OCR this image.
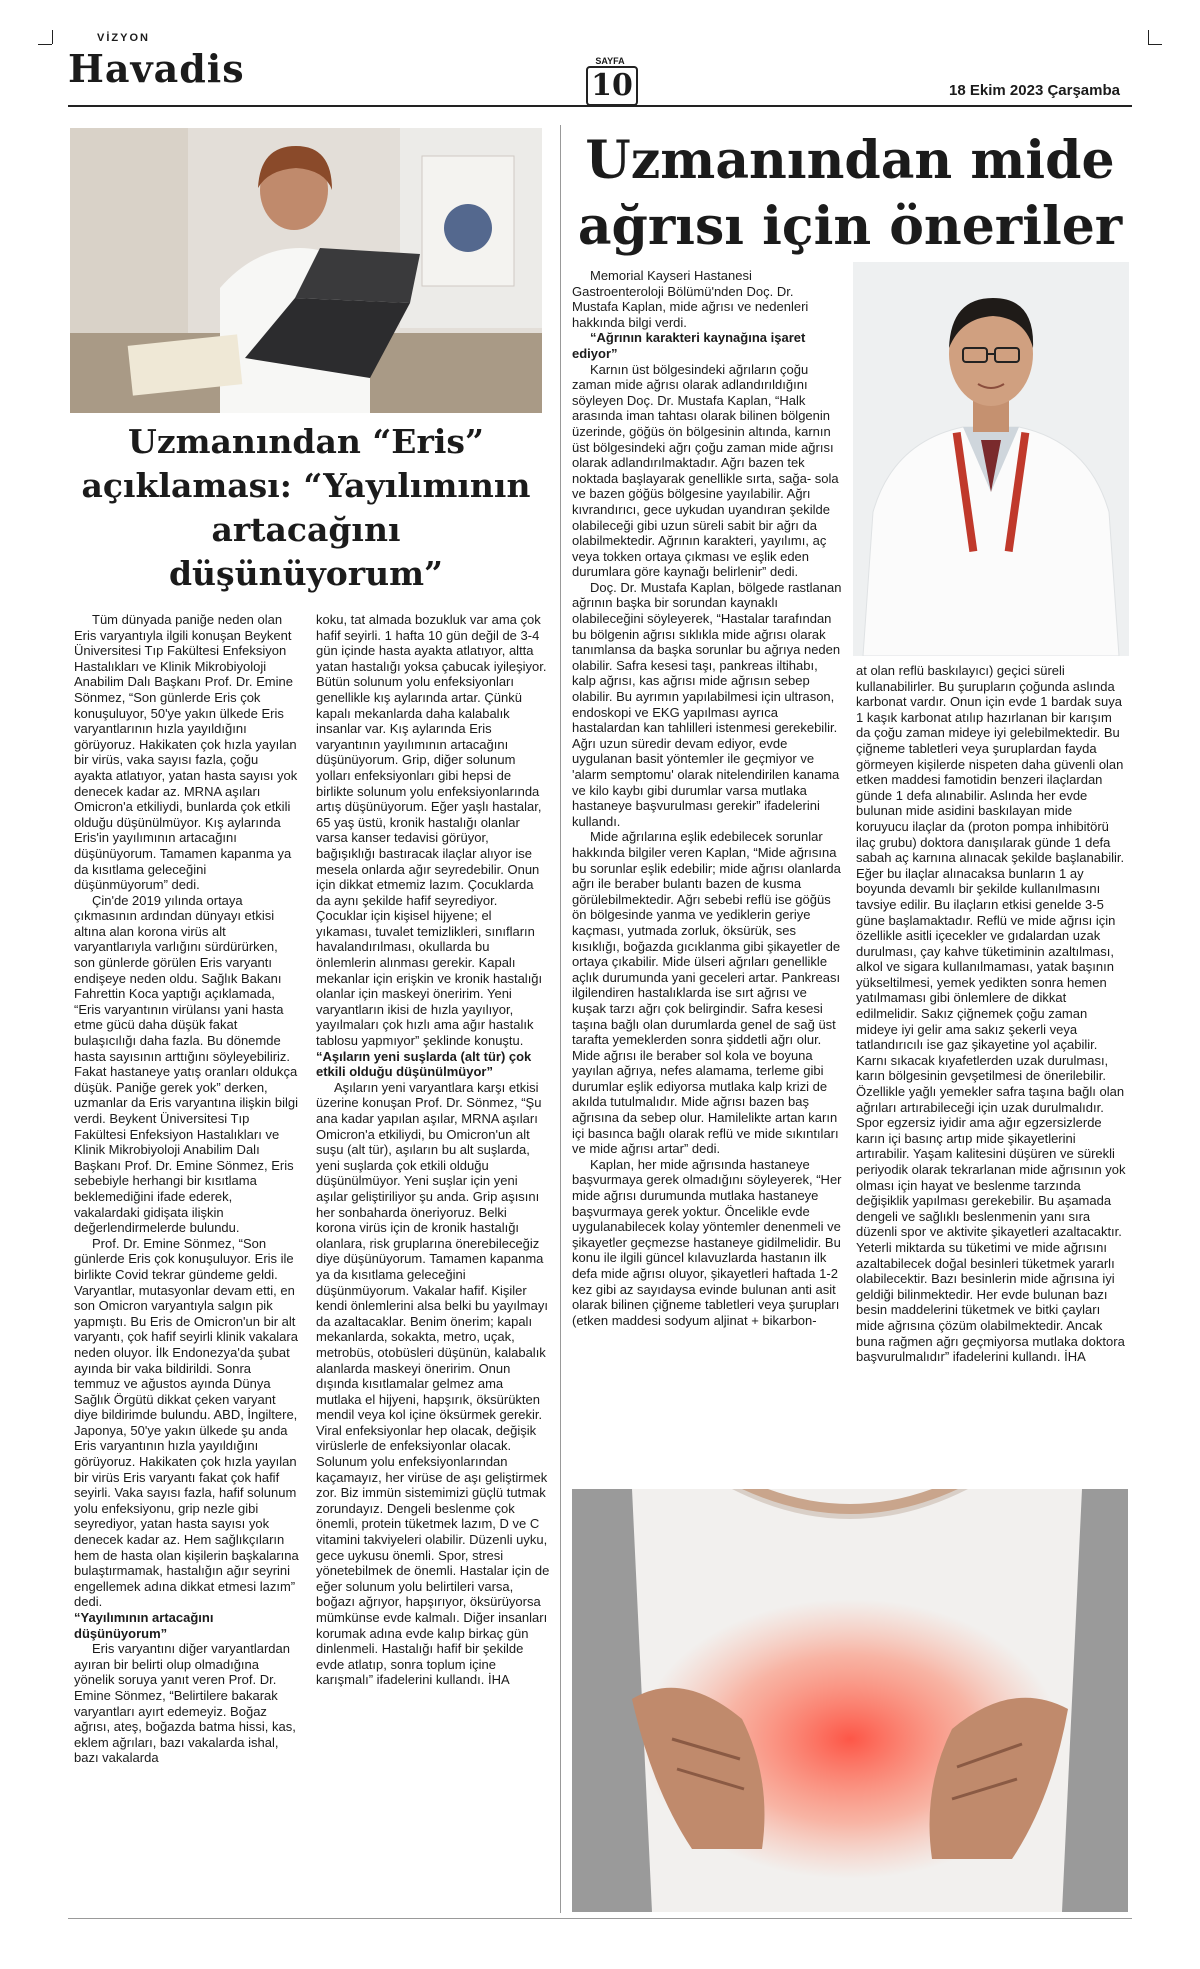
VİZYON
Havadis	SAYFA
10	18 Ekim 2023 Çarşamba
Uzmanından “Eris” açıklaması: “Yayılımının artacağını düşünüyorum”

Tüm dünyada paniğe neden olan Eris varyantıyla ilgili konuşan Beykent Üniversitesi Tıp Fakültesi Enfeksiyon Hastalıkları ve Klinik Mikrobiyoloji Anabilim Dalı Başkanı Prof. Dr. Emine Sönmez, “Son günlerde Eris çok konuşuluyor, 50'ye yakın ülkede Eris varyantlarının hızla yayıldığını görüyoruz. Hakikaten çok hızla yayılan bir virüs, vaka sayısı fazla, çoğu ayakta atlatıyor, yatan hasta sayısı yok denecek kadar az. MRNA aşıları Omicron'a etkiliydi, bunlarda çok etkili olduğu düşünülmüyor. Kış aylarında Eris'in yayılımının artacağını düşünüyorum. Tamamen kapanma ya da kısıtlama geleceğini düşünmüyorum” dedi.

Çin'de 2019 yılında ortaya çıkmasının ardından dünyayı etkisi altına alan korona virüs alt varyantlarıyla varlığını sürdürürken, son günlerde görülen Eris varyantı endişeye neden oldu. Sağlık Bakanı Fahrettin Koca yaptığı açıklamada, “Eris varyantının virülansı yani hasta etme gücü daha düşük fakat bulaşıcılığı daha fazla. Bu dönemde hasta sayısının arttığını söyleyebiliriz. Fakat hastaneye yatış oranları oldukça düşük. Paniğe gerek yok” derken, uzmanlar da Eris varyantına ilişkin bilgi verdi. Beykent Üniversitesi Tıp Fakültesi Enfeksiyon Hastalıkları ve Klinik Mikrobiyoloji Anabilim Dalı Başkanı Prof. Dr. Emine Sönmez, Eris sebebiyle herhangi bir kısıtlama beklemediğini ifade ederek, vakalardaki gidişata ilişkin değerlendirmelerde bulundu.

Prof. Dr. Emine Sönmez, “Son günlerde Eris çok konuşuluyor. Eris ile birlikte Covid tekrar gündeme geldi. Varyantlar, mutasyonlar devam etti, en son Omicron varyantıyla salgın pik yapmıştı. Bu Eris de Omicron'un bir alt varyantı, çok hafif seyirli klinik vakalara neden oluyor. İlk Endonezya'da şubat ayında bir vaka bildirildi. Sonra temmuz ve ağustos ayında Dünya Sağlık Örgütü dikkat çeken varyant diye bildirimde bulundu. ABD, İngiltere, Japonya, 50'ye yakın ülkede şu anda Eris varyantının hızla yayıldığını görüyoruz. Hakikaten çok hızla yayılan bir virüs Eris varyantı fakat çok hafif seyirli. Vaka sayısı fazla, hafif solunum yolu enfeksiyonu, grip nezle gibi seyrediyor, yatan hasta sayısı yok denecek kadar az. Hem sağlıkçıların hem de hasta olan kişilerin başkalarına bulaştırmamak, hastalığın ağır seyrini engellemek adına dikkat etmesi lazım” dedi.

“Yayılımının artacağını düşünüyorum”

Eris varyantını diğer varyantlardan ayıran bir belirti olup olmadığına yönelik soruya yanıt veren Prof. Dr. Emine Sönmez, “Belirtilere bakarak varyantları ayırt edemeyiz. Boğaz ağrısı, ateş, boğazda batma hissi, kas, eklem ağrıları, bazı vakalarda ishal, bazı vakalarda

koku, tat almada bozukluk var ama çok hafif seyirli. 1 hafta 10 gün değil de 3-4 gün içinde hasta ayakta atlatıyor, altta yatan hastalığı yoksa çabucak iyileşiyor. Bütün solunum yolu enfeksiyonları genellikle kış aylarında artar. Çünkü kapalı mekanlarda daha kalabalık insanlar var. Kış aylarında Eris varyantının yayılımının artacağını düşünüyorum. Grip, diğer solunum yolları enfeksiyonları gibi hepsi de birlikte solunum yolu enfeksiyonlarında artış düşünüyorum. Eğer yaşlı hastalar, 65 yaş üstü, kronik hastalığı olanlar varsa kanser tedavisi görüyor, bağışıklığı bastıracak ilaçlar alıyor ise mesela onlarda ağır seyredebilir. Onun için dikkat etmemiz lazım. Çocuklarda da aynı şekilde hafif seyrediyor. Çocuklar için kişisel hijyene; el yıkaması, tuvalet temizlikleri, sınıfların havalandırılması, okullarda bu önlemlerin alınması gerekir. Kapalı mekanlar için erişkin ve kronik hastalığı olanlar için maskeyi öneririm. Yeni varyantların ikisi de hızla yayılıyor, yayılmaları çok hızlı ama ağır hastalık tablosu yapmıyor” şeklinde konuştu.

“Aşıların yeni suşlarda (alt tür) çok etkili olduğu düşünülmüyor”

Aşıların yeni varyantlara karşı etkisi üzerine konuşan Prof. Dr. Sönmez, “Şu ana kadar yapılan aşılar, MRNA aşıları Omicron'a etkiliydi, bu Omicron'un alt suşu (alt tür), aşıların bu alt suşlarda, yeni suşlarda çok etkili olduğu düşünülmüyor. Yeni suşlar için yeni aşılar geliştiriliyor şu anda. Grip aşısını her sonbaharda öneriyoruz. Belki korona virüs için de kronik hastalığı olanlara, risk gruplarına önerebileceğiz diye düşünüyorum. Tamamen kapanma ya da kısıtlama geleceğini düşünmüyorum. Vakalar hafif. Kişiler kendi önlemlerini alsa belki bu yayılmayı da azaltacaklar. Benim önerim; kapalı mekanlarda, sokakta, metro, uçak, metrobüs, otobüsleri düşünün, kalabalık alanlarda maskeyi öneririm. Onun dışında kısıtlamalar gelmez ama mutlaka el hijyeni, hapşırık, öksürükten mendil veya kol içine öksürmek gerekir. Viral enfeksiyonlar hep olacak, değişik virüslerle de enfeksiyonlar olacak. Solunum yolu enfeksiyonlarından kaçamayız, her virüse de aşı geliştirmek zor. Biz immün sistemimizi güçlü tutmak zorundayız. Dengeli beslenme çok önemli, protein tüketmek lazım, D ve C vitamini takviyeleri olabilir. Düzenli uyku, gece uykusu önemli. Spor, stresi yönetebilmek de önemli. Hastalar için de eğer solunum yolu belirtileri varsa, boğazı ağrıyor, hapşırıyor, öksürüyorsa mümkünse evde kalmalı. Diğer insanları korumak adına evde kalıp birkaç gün dinlenmeli. Hastalığı hafif bir şekilde evde atlatıp, sonra toplum içine karışmalı” ifadelerini kullandı. İHA

Uzmanından mide ağrısı için öneriler

Memorial Kayseri Hastanesi Gastroenteroloji Bölümü'nden Doç. Dr. Mustafa Kaplan, mide ağrısı ve nedenleri hakkında bilgi verdi.

“Ağrının karakteri kaynağına işaret ediyor”

Karnın üst bölgesindeki ağrıların çoğu zaman mide ağrısı olarak adlandırıldığını söyleyen Doç. Dr. Mustafa Kaplan, “Halk arasında iman tahtası olarak bilinen bölgenin üzerinde, göğüs ön bölgesinin altında, karnın üst bölgesindeki ağrı çoğu zaman mide ağrısı olarak adlandırılmaktadır. Ağrı bazen tek noktada başlayarak genellikle sırta, sağa- sola ve bazen göğüs bölgesine yayılabilir. Ağrı kıvrandırıcı, gece uykudan uyandıran şekilde olabileceği gibi uzun süreli sabit bir ağrı da olabilmektedir. Ağrının karakteri, yayılımı, aç veya tokken ortaya çıkması ve eşlik eden durumlara göre kaynağı belirlenir” dedi.

Doç. Dr. Mustafa Kaplan, bölgede rastlanan ağrının başka bir sorundan kaynaklı olabileceğini söyleyerek, “Hastalar tarafından bu bölgenin ağrısı sıklıkla mide ağrısı olarak tanımlansa da başka sorunlar bu ağrıya neden olabilir. Safra kesesi taşı, pankreas iltihabı, kalp ağrısı, kas ağrısı mide ağrısın sebep olabilir. Bu ayrımın yapılabilmesi için ultrason, endoskopi ve EKG yapılması ayrıca hastalardan kan tahlilleri istenmesi gerekebilir. Ağrı uzun süredir devam ediyor, evde uygulanan basit yöntemler ile geçmiyor ve 'alarm semptomu' olarak nitelendirilen kanama ve kilo kaybı gibi durumlar varsa mutlaka hastaneye başvurulması gerekir” ifadelerini kullandı.

Mide ağrılarına eşlik edebilecek sorunlar hakkında bilgiler veren Kaplan, “Mide ağrısına bu sorunlar eşlik edebilir; mide ağrısı olanlarda ağrı ile beraber bulantı bazen de kusma görülebilmektedir. Ağrı sebebi reflü ise göğüs ön bölgesinde yanma ve yediklerin geriye kaçması, yutmada zorluk, öksürük, ses kısıklığı, boğazda gıcıklanma gibi şikayetler de ortaya çıkabilir. Mide ülseri ağrıları genellikle açlık durumunda yani geceleri artar. Pankreası ilgilendiren hastalıklarda ise sırt ağrısı ve kuşak tarzı ağrı çok belirgindir. Safra kesesi taşına bağlı olan durumlarda genel de sağ üst tarafta yemeklerden sonra şiddetli ağrı olur. Mide ağrısı ile beraber sol kola ve boyuna yayılan ağrıya, nefes alamama, terleme gibi durumlar eşlik ediyorsa mutlaka kalp krizi de akılda tutulmalıdır. Mide ağrısı bazen baş ağrısına da sebep olur. Hamilelikte artan karın içi basınca bağlı olarak reflü ve mide sıkıntıları ve mide ağrısı artar” dedi.

Kaplan, her mide ağrısında hastaneye başvurmaya gerek olmadığını söyleyerek, “Her mide ağrısı durumunda mutlaka hastaneye başvurmaya gerek yoktur. Öncelikle evde uygulanabilecek kolay yöntemler denenmeli ve şikayetler geçmezse hastaneye gidilmelidir. Bu konu ile ilgili güncel kılavuzlarda hastanın ilk defa mide ağrısı oluyor, şikayetleri haftada 1-2 kez gibi az sayıdaysa evinde bulunan anti asit olarak bilinen çiğneme tabletleri veya şurupları (etken maddesi sodyum aljinat + bikarbon-

at olan reflü baskılayıcı) geçici süreli kullanabilirler. Bu şurupların çoğunda aslında karbonat vardır. Onun için evde 1 bardak suya 1 kaşık karbonat atılıp hazırlanan bir karışım da çoğu zaman mideye iyi gelebilmektedir. Bu çiğneme tabletleri veya şuruplardan fayda görmeyen kişilerde nispeten daha güvenli olan etken maddesi famotidin benzeri ilaçlardan günde 1 defa alınabilir. Aslında her evde bulunan mide asidini baskılayan mide koruyucu ilaçlar da (proton pompa inhibitörü ilaç grubu) doktora danışılarak günde 1 defa sabah aç karnına alınacak şekilde başlanabilir. Eğer bu ilaçlar alınacaksa bunların 1 ay boyunda devamlı bir şekilde kullanılmasını tavsiye edilir. Bu ilaçların etkisi genelde 3-5 güne başlamaktadır. Reflü ve mide ağrısı için özellikle asitli içecekler ve gıdalardan uzak durulması, çay kahve tüketiminin azaltılması, alkol ve sigara kullanılmaması, yatak başının yükseltilmesi, yemek yedikten sonra hemen yatılmaması gibi önlemlere de dikkat edilmelidir. Sakız çiğnemek çoğu zaman mideye iyi gelir ama sakız şekerli veya tatlandırıcılı ise gaz şikayetine yol açabilir. Karnı sıkacak kıyafetlerden uzak durulması, karın bölgesinin gevşetilmesi de önerilebilir. Özellikle yağlı yemekler safra taşına bağlı olan ağrıları artırabileceği için uzak durulmalıdır. Spor egzersiz iyidir ama ağır egzersizlerde karın içi basınç artıp mide şikayetlerini artırabilir. Yaşam kalitesini düşüren ve sürekli periyodik olarak tekrarlanan mide ağrısının yok olması için hayat ve beslenme tarzında değişiklik yapılması gerekebilir. Bu aşamada dengeli ve sağlıklı beslenmenin yanı sıra düzenli spor ve aktivite şikayetleri azaltacaktır. Yeterli miktarda su tüketimi ve mide ağrısını azaltabilecek doğal besinleri tüketmek yararlı olabilecektir. Bazı besinlerin mide ağrısına iyi geldiği bilinmektedir. Her evde bulunan bazı besin maddelerini tüketmek ve bitki çayları mide ağrısına çözüm olabilmektedir. Ancak buna rağmen ağrı geçmiyorsa mutlaka doktora başvurulmalıdır” ifadelerini kullandı. İHA
